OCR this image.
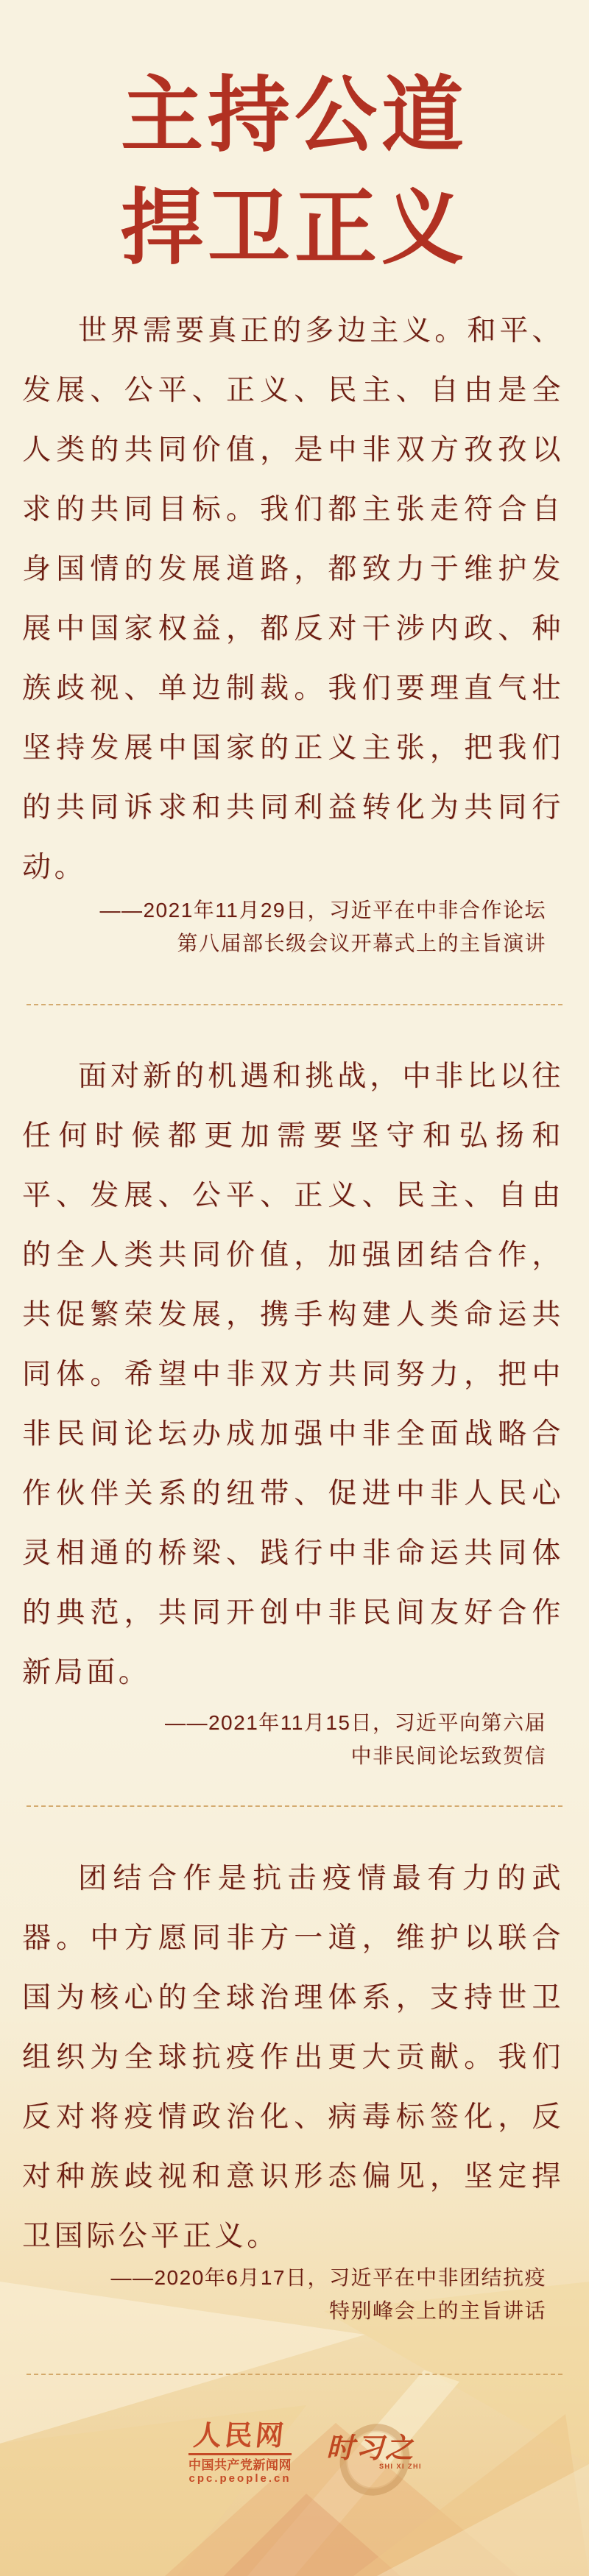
主持公道
捍卫正义
世界需要真正的多边主义。和平、发展、公平、正义、民主、自由是全人类的共同价值，是中非双方孜孜以求的共同目标。我们都主张走符合自身国情的发展道路，都致力于维护发展中国家权益，都反对干涉内政、种族歧视、单边制裁。我们要理直气壮坚持发展中国家的正义主张，把我们的共同诉求和共同利益转化为共同行动。
——2021年11月29日，习近平在中非合作论坛
第八届部长级会议开幕式上的主旨演讲
面对新的机遇和挑战，中非比以往任何时候都更加需要坚守和弘扬和平、发展、公平、正义、民主、自由的全人类共同价值，加强团结合作，共促繁荣发展，携手构建人类命运共同体。希望中非双方共同努力，把中非民间论坛办成加强中非全面战略合作伙伴关系的纽带、促进中非人民心灵相通的桥梁、践行中非命运共同体的典范，共同开创中非民间友好合作新局面。
——2021年11月15日，习近平向第六届
中非民间论坛致贺信
团结合作是抗击疫情最有力的武器。中方愿同非方一道，维护以联合国为核心的全球治理体系，支持世卫组织为全球抗疫作出更大贡献。我们反对将疫情政治化、病毒标签化，反对种族歧视和意识形态偏见，坚定捍卫国际公平正义。
——2020年6月17日，习近平在中非团结抗疫
特别峰会上的主旨讲话
人民网
中国共产党新闻网
cpc.people.cn
时习之
SHI XI ZHI
